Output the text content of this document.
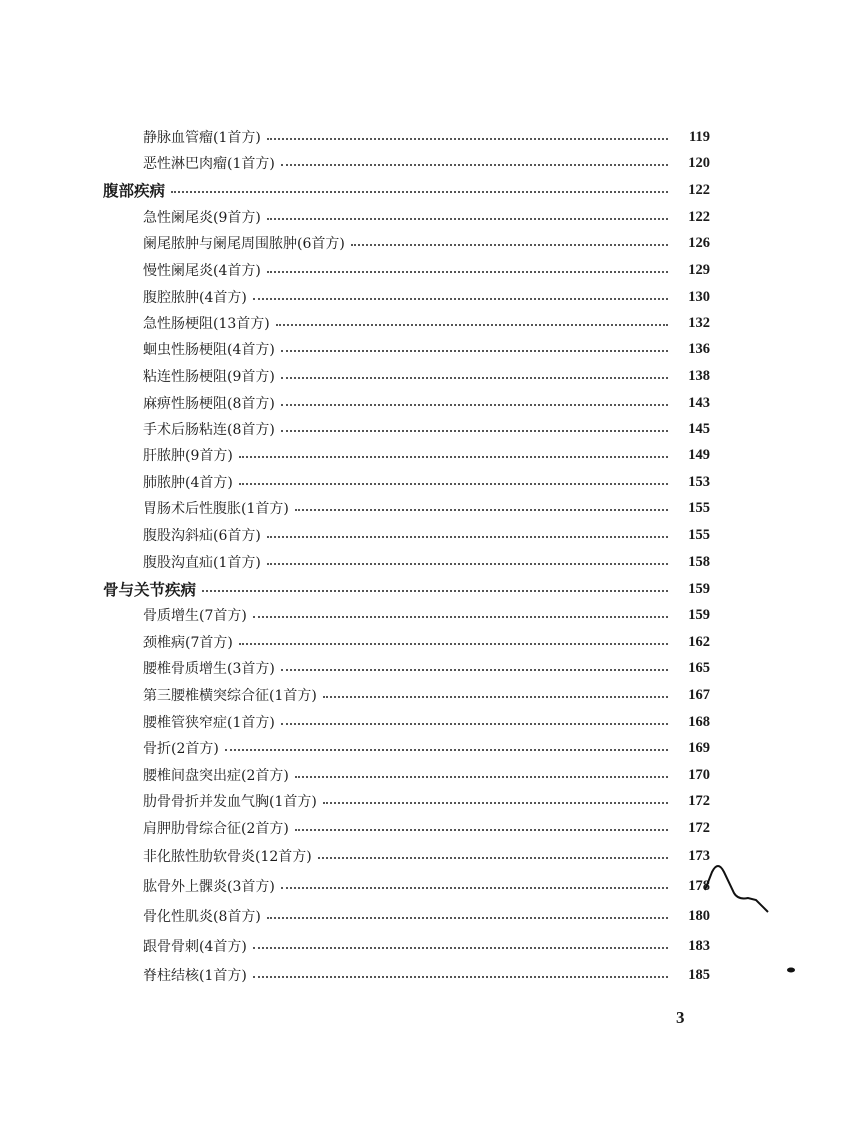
静脉血管瘤(1首方)	119
恶性淋巴肉瘤(1首方)	120
腹部疾病	122
急性阑尾炎(9首方)	122
阑尾脓肿与阑尾周围脓肿(6首方)	126
慢性阑尾炎(4首方)	129
腹腔脓肿(4首方)	130
急性肠梗阻(13首方)	132
蛔虫性肠梗阻(4首方)	136
粘连性肠梗阻(9首方)	138
麻痹性肠梗阻(8首方)	143
手术后肠粘连(8首方)	145
肝脓肿(9首方)	149
肺脓肿(4首方)	153
胃肠术后性腹胀(1首方)	155
腹股沟斜疝(6首方)	155
腹股沟直疝(1首方)	158
骨与关节疾病	159
骨质增生(7首方)	159
颈椎病(7首方)	162
腰椎骨质增生(3首方)	165
第三腰椎横突综合征(1首方)	167
腰椎管狭窄症(1首方)	168
骨折(2首方)	169
腰椎间盘突出症(2首方)	170
肋骨骨折并发血气胸(1首方)	172
肩胛肋骨综合征(2首方)	172
非化脓性肋软骨炎(12首方)	173
肱骨外上髁炎(3首方)	178
骨化性肌炎(8首方)	180
跟骨骨刺(4首方)	183
脊柱结核(1首方)	185
3
